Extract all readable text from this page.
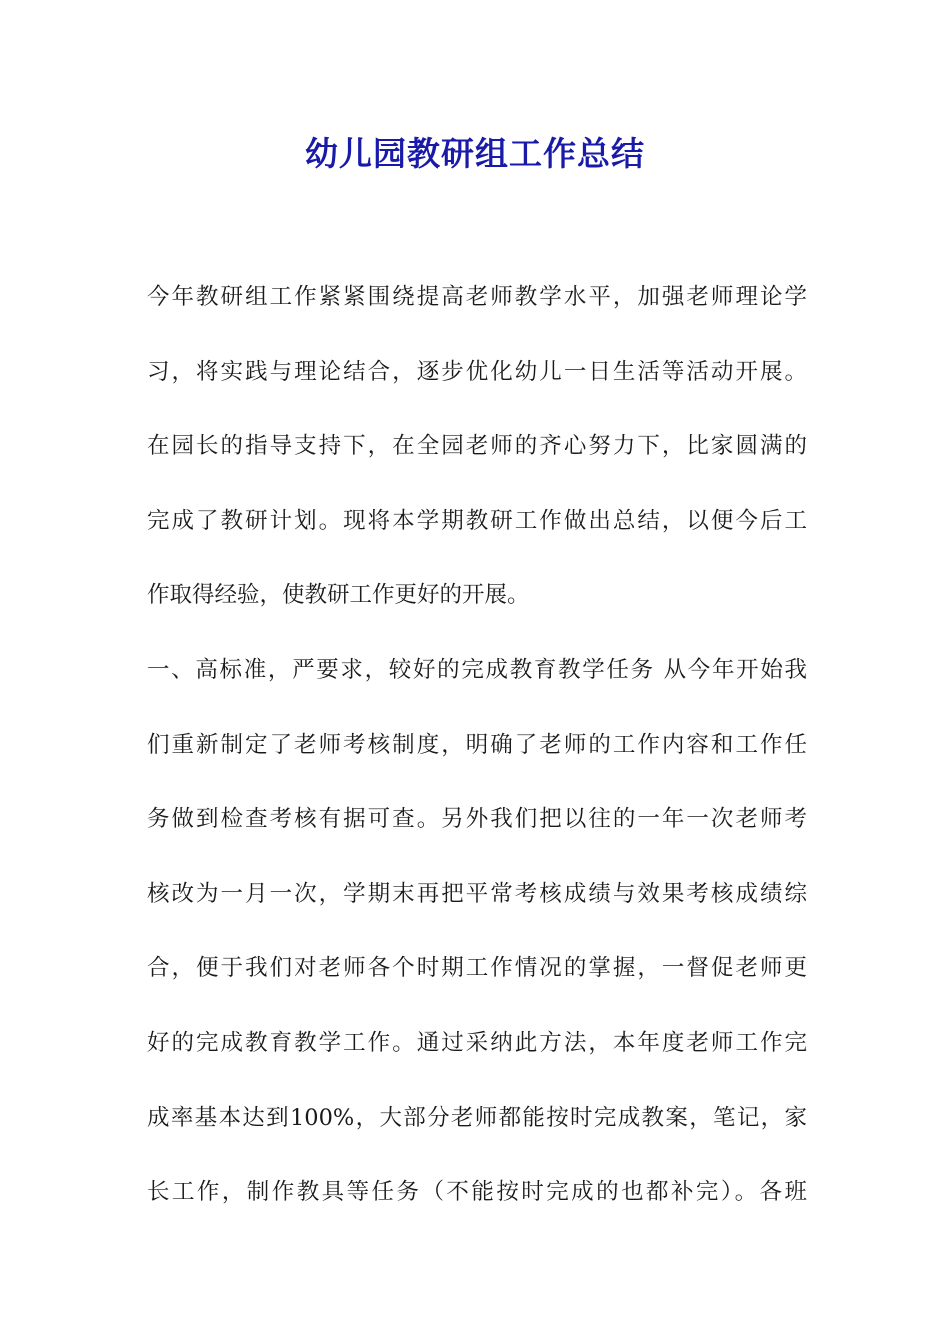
幼儿园教研组工作总结
今年教研组工作紧紧围绕提高老师教学水平，加强老师理论学
习，将实践与理论结合，逐步优化幼儿一日生活等活动开展。
在园长的指导支持下，在全园老师的齐心努力下，比家圆满的
完成了教研计划。现将本学期教研工作做出总结，以便今后工
作取得经验，使教研工作更好的开展。
一、高标准，严要求，较好的完成教育教学任务 从今年开始我
们重新制定了老师考核制度，明确了老师的工作内容和工作任
务做到检查考核有据可查。另外我们把以往的一年一次老师考
核改为一月一次，学期末再把平常考核成绩与效果考核成绩综
合，便于我们对老师各个时期工作情况的掌握，一督促老师更
好的完成教育教学工作。通过采纳此方法，本年度老师工作完
成率基本达到100%，大部分老师都能按时完成教案，笔记，家
长工作，制作教具等任务（不能按时完成的也都补完）。各班
